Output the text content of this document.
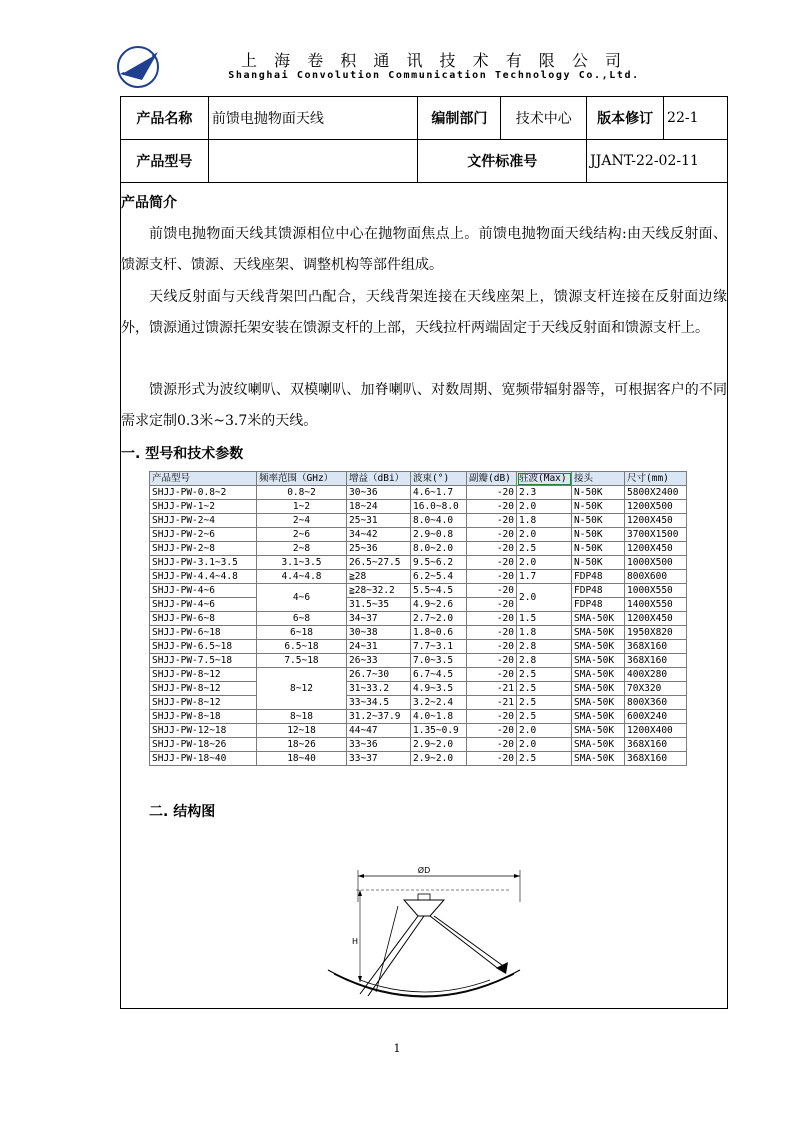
上 海 卷 积 通 讯 技 术 有 限 公 司
Shanghai Convolution Communication Technology Co.,Ltd.
产品名称	前馈电抛物面天线	编制部门	技术中心	版本修订	22-1
产品型号		文件标准号		JJANT-22-02-11	
产品简介
前馈电抛物面天线其馈源相位中心在抛物面焦点上。前馈电抛物面天线结构:由天线反射面、馈源支杆、馈源、天线座架、调整机构等部件组成。
天线反射面与天线背架凹凸配合，天线背架连接在天线座架上，馈源支杆连接在反射面边缘外，馈源通过馈源托架安装在馈源支杆的上部，天线拉杆两端固定于天线反射面和馈源支杆上。
馈源形式为波纹喇叭、双模喇叭、加脊喇叭、对数周期、宽频带辐射器等，可根据客户的不同需求定制0.3米~3.7米的天线。
一. 型号和技术参数
产品型号	频率范围（GHz）	增益（dBi）	波束(°)	副瓣(dB)	驻波(Max)	接头	尺寸(mm)
SHJJ-PW-0.8~2	0.8~2	30~36	4.6~1.7	-20	2.3	N-50K	5800X2400
SHJJ-PW-1~2	1~2	18~24	16.0~8.0	-20	2.0	N-50K	1200X500
SHJJ-PW-2~4	2~4	25~31	8.0~4.0	-20	1.8	N-50K	1200X450
SHJJ-PW-2~6	2~6	34~42	2.9~0.8	-20	2.0	N-50K	3700X1500
SHJJ-PW-2~8	2~8	25~36	8.0~2.0	-20	2.5	N-50K	1200X450
SHJJ-PW-3.1~3.5	3.1~3.5	26.5~27.5	9.5~6.2	-20	2.0	N-50K	1000X500
SHJJ-PW-4.4~4.8	4.4~4.8	≧28	6.2~5.4	-20	1.7	FDP48	800X600
SHJJ-PW-4~6	4~6	≧28~32.2	5.5~4.5	-20	2.0	FDP48	1000X550
SHJJ-PW-4~6		31.5~35	4.9~2.6	-20		FDP48	1400X550
SHJJ-PW-6~8	6~8	34~37	2.7~2.0	-20	1.5	SMA-50K	1200X450
SHJJ-PW-6~18	6~18	30~38	1.8~0.6	-20	1.8	SMA-50K	1950X820
SHJJ-PW-6.5~18	6.5~18	24~31	7.7~3.1	-20	2.8	SMA-50K	368X160
SHJJ-PW-7.5~18	7.5~18	26~33	7.0~3.5	-20	2.8	SMA-50K	368X160
SHJJ-PW-8~12	8~12	26.7~30	6.7~4.5	-20	2.5	SMA-50K	400X280
SHJJ-PW-8~12		31~33.2	4.9~3.5	-21	2.5	SMA-50K	70X320
SHJJ-PW-8~12		33~34.5	3.2~2.4	-21	2.5	SMA-50K	800X360
SHJJ-PW-8~18	8~18	31.2~37.9	4.0~1.8	-20	2.5	SMA-50K	600X240
SHJJ-PW-12~18	12~18	44~47	1.35~0.9	-20	2.0	SMA-50K	1200X400
SHJJ-PW-18~26	18~26	33~36	2.9~2.0	-20	2.0	SMA-50K	368X160
SHJJ-PW-18~40	18~40	33~37	2.9~2.0	-20	2.5	SMA-50K	368X160
二. 结构图
ØD
H
1
